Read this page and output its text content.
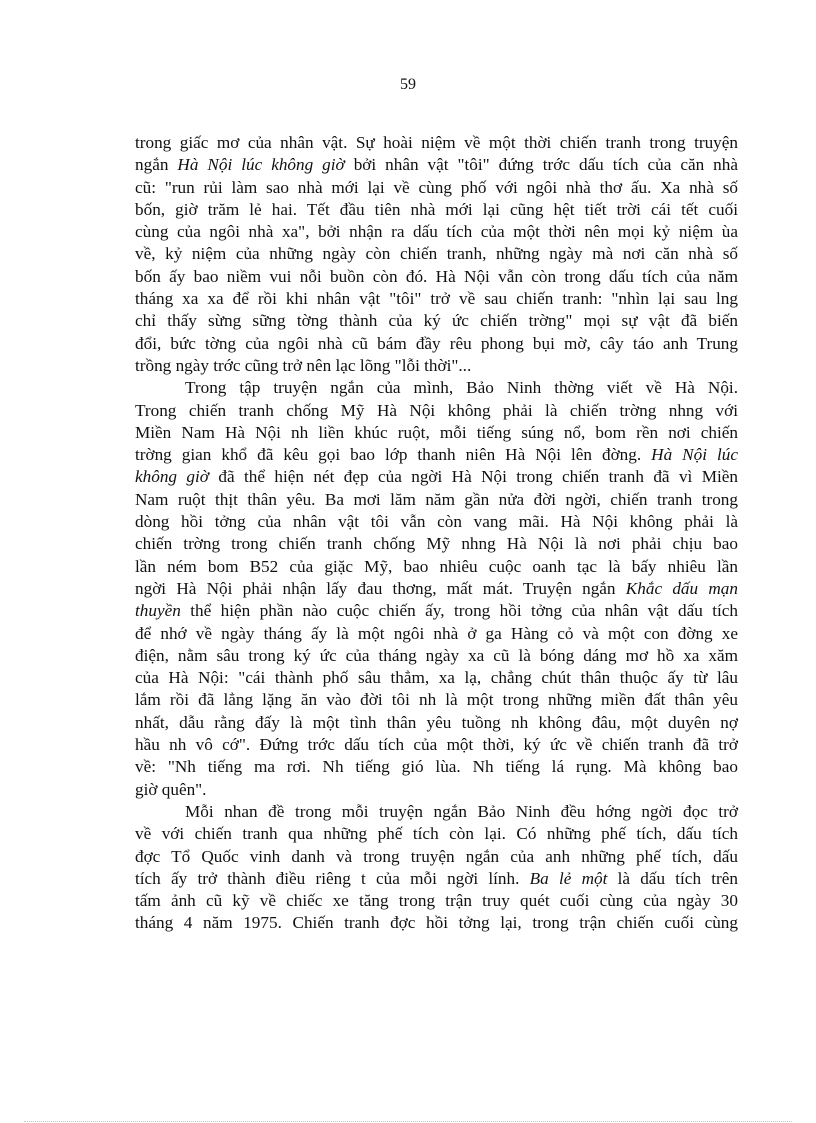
59
trong giấc mơ của nhân vật. Sự hoài niệm về một thời chiến tranh trong truyện
ngắn Hà Nội lúc không giờ bởi nhân vật "tôi" đứng trớc dấu tích của căn nhà
cũ: "run rủi làm sao nhà mới lại về cùng phố với ngôi nhà thơ ấu. Xa nhà số
bốn, giờ trăm lẻ hai. Tết đầu tiên nhà mới lại cũng hệt tiết trời cái tết cuối
cùng của ngôi nhà xa", bởi nhận ra dấu tích của một thời nên mọi kỷ niệm ùa
về, kỷ niệm của những ngày còn chiến tranh, những ngày mà nơi căn nhà số
bốn ấy bao niềm vui nỗi buồn còn đó. Hà Nội vẫn còn trong dấu tích của năm
tháng xa xa để rồi khi nhân vật "tôi" trở về sau chiến tranh: "nhìn lại sau lng
chỉ thấy sừng sững tờng thành của ký ức chiến trờng" mọi sự vật đã biến
đổi, bức tờng của ngôi nhà cũ bám đầy rêu phong bụi mờ, cây táo anh Trung
trồng ngày trớc cũng trở nên lạc lõng "lỗi thời"...
Trong tập truyện ngắn của mình, Bảo Ninh thờng viết về Hà Nội.
Trong chiến tranh chống Mỹ Hà Nội không phải là chiến trờng nhng với
Miền Nam Hà Nội nh liền khúc ruột, mỗi tiếng súng nổ, bom rền nơi chiến
trờng gian khổ đã kêu gọi bao lớp thanh niên Hà Nội lên đờng. Hà Nội lúc
không giờ đã thể hiện nét đẹp của ngời Hà Nội trong chiến tranh đã vì Miền
Nam ruột thịt thân yêu. Ba mơi lăm năm gần nửa đời ngời, chiến tranh trong
dòng hồi tởng của nhân vật tôi vẫn còn vang mãi. Hà Nội không phải là
chiến trờng trong chiến tranh chống Mỹ nhng Hà Nội là nơi phải chịu bao
lần ném bom B52 của giặc Mỹ, bao nhiêu cuộc oanh tạc là bấy nhiêu lần
ngời Hà Nội phải nhận lấy đau thơng, mất mát. Truyện ngắn Khắc dấu mạn
thuyền thể hiện phần nào cuộc chiến ấy, trong hồi tởng của nhân vật dấu tích
để nhớ về ngày tháng ấy là một ngôi nhà ở ga Hàng cỏ và một con đờng xe
điện, nằm sâu trong ký ức của tháng ngày xa cũ là bóng dáng mơ hồ xa xăm
của Hà Nội: "cái thành phố sâu thẳm, xa lạ, chẳng chút thân thuộc ấy từ lâu
lắm rồi đã lẳng lặng ăn vào đời tôi nh là một trong những miền đất thân yêu
nhất, dẫu rằng đấy là một tình thân yêu tuồng nh không đâu, một duyên nợ
hầu nh vô cớ". Đứng trớc dấu tích của một thời, ký ức về chiến tranh đã trở
về: "Nh tiếng ma rơi. Nh tiếng gió lùa. Nh tiếng lá rụng. Mà không bao
giờ quên".
Mỗi nhan đề trong mỗi truyện ngắn Bảo Ninh đều hớng ngời đọc trở
về với chiến tranh qua những phế tích còn lại. Có những phế tích, dấu tích
đợc Tổ Quốc vinh danh và trong truyện ngắn của anh những phế tích, dấu
tích ấy trở thành điều riêng t của mỗi ngời lính. Ba lẻ một là dấu tích trên
tấm ảnh cũ kỹ về chiếc xe tăng trong trận truy quét cuối cùng của ngày 30
tháng 4 năm 1975. Chiến tranh đợc hồi tởng lại, trong trận chiến cuối cùng
